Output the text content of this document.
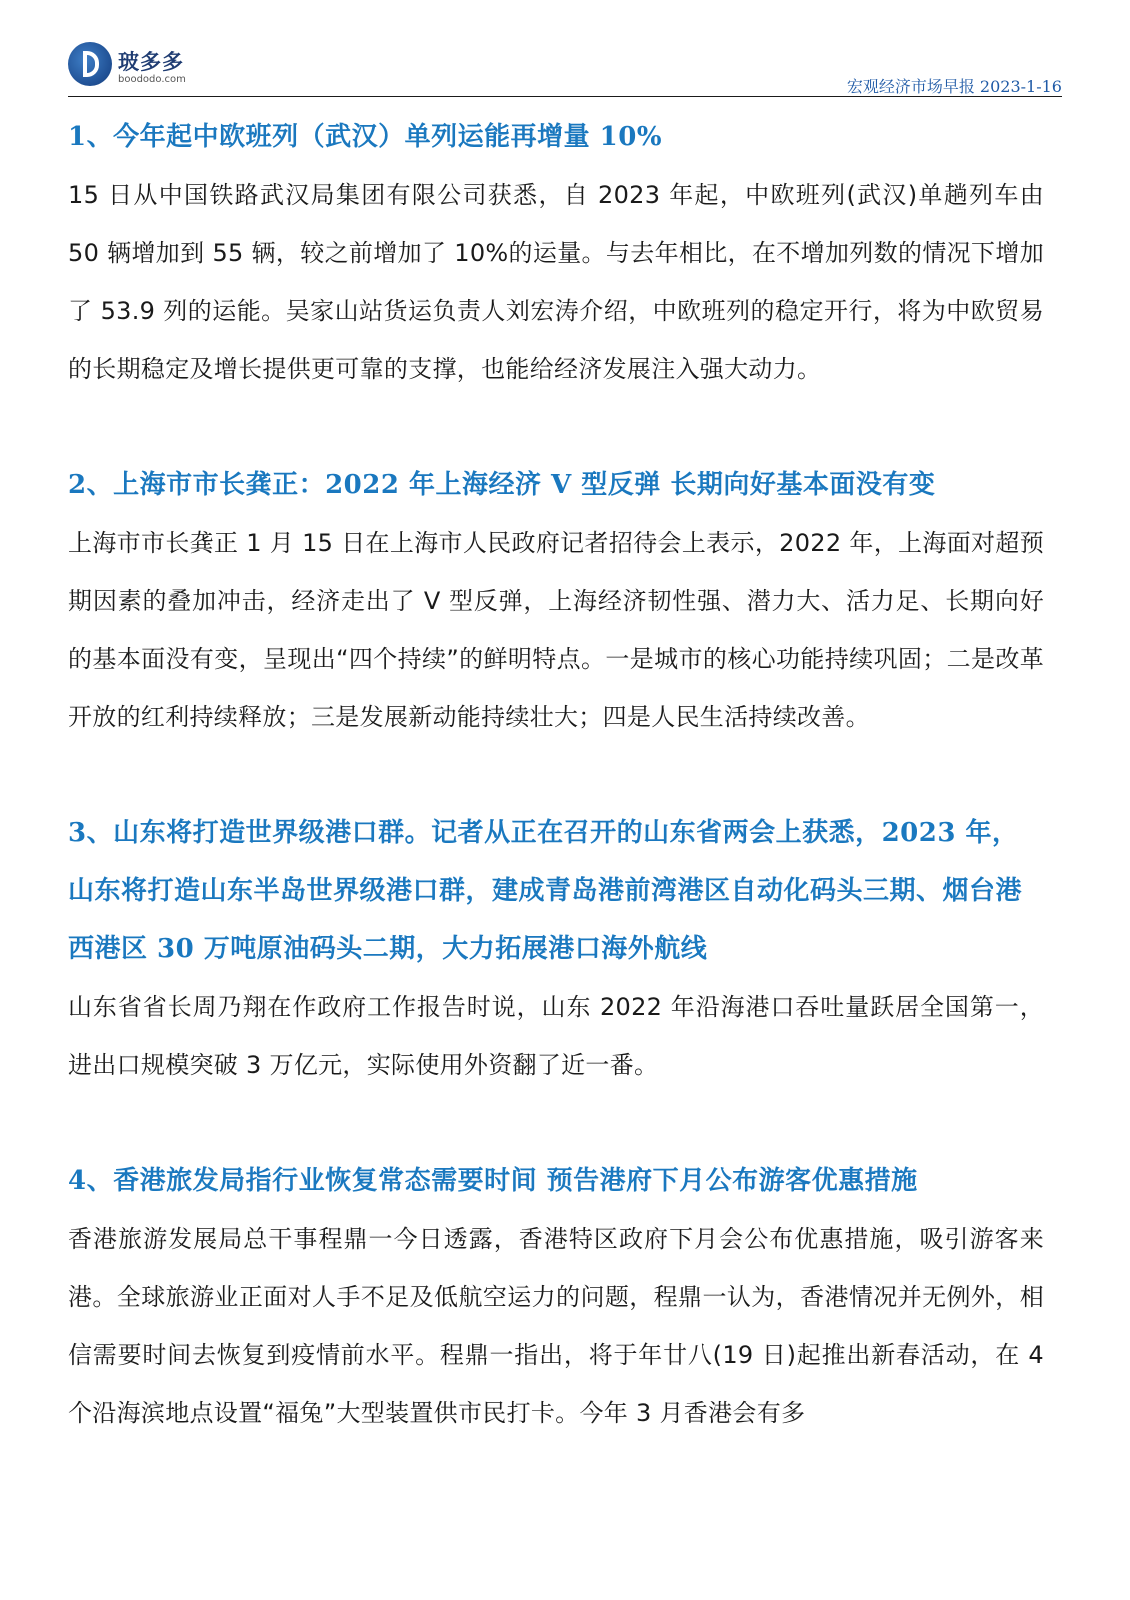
玻多多
boododo.com	宏观经济市场早报 2023-1-16

1、今年起中欧班列（武汉）单列运能再增量 10%

15 日从中国铁路武汉局集团有限公司获悉，自 2023 年起，中欧班列(武汉)单趟列车由 50 辆增加到 55 辆，较之前增加了 10%的运量。与去年相比，在不增加列数的情况下增加了 53.9 列的运能。吴家山站货运负责人刘宏涛介绍，中欧班列的稳定开行，将为中欧贸易的长期稳定及增长提供更可靠的支撑，也能给经济发展注入强大动力。

2、上海市市长龚正：2022 年上海经济 V 型反弹 长期向好基本面没有变

上海市市长龚正 1 月 15 日在上海市人民政府记者招待会上表示，2022 年，上海面对超预期因素的叠加冲击，经济走出了 V 型反弹，上海经济韧性强、潜力大、活力足、长期向好的基本面没有变，呈现出“四个持续”的鲜明特点。一是城市的核心功能持续巩固；二是改革开放的红利持续释放；三是发展新动能持续壮大；四是人民生活持续改善。

3、山东将打造世界级港口群。记者从正在召开的山东省两会上获悉，2023 年，山东将打造山东半岛世界级港口群，建成青岛港前湾港区自动化码头三期、烟台港西港区 30 万吨原油码头二期，大力拓展港口海外航线

山东省省长周乃翔在作政府工作报告时说，山东 2022 年沿海港口吞吐量跃居全国第一，进出口规模突破 3 万亿元，实际使用外资翻了近一番。

4、香港旅发局指行业恢复常态需要时间 预告港府下月公布游客优惠措施

香港旅游发展局总干事程鼎一今日透露，香港特区政府下月会公布优惠措施，吸引游客来港。全球旅游业正面对人手不足及低航空运力的问题，程鼎一认为，香港情况并无例外，相信需要时间去恢复到疫情前水平。程鼎一指出，将于年廿八(19 日)起推出新春活动，在 4 个沿海滨地点设置“福兔”大型装置供市民打卡。今年 3 月香港会有多
